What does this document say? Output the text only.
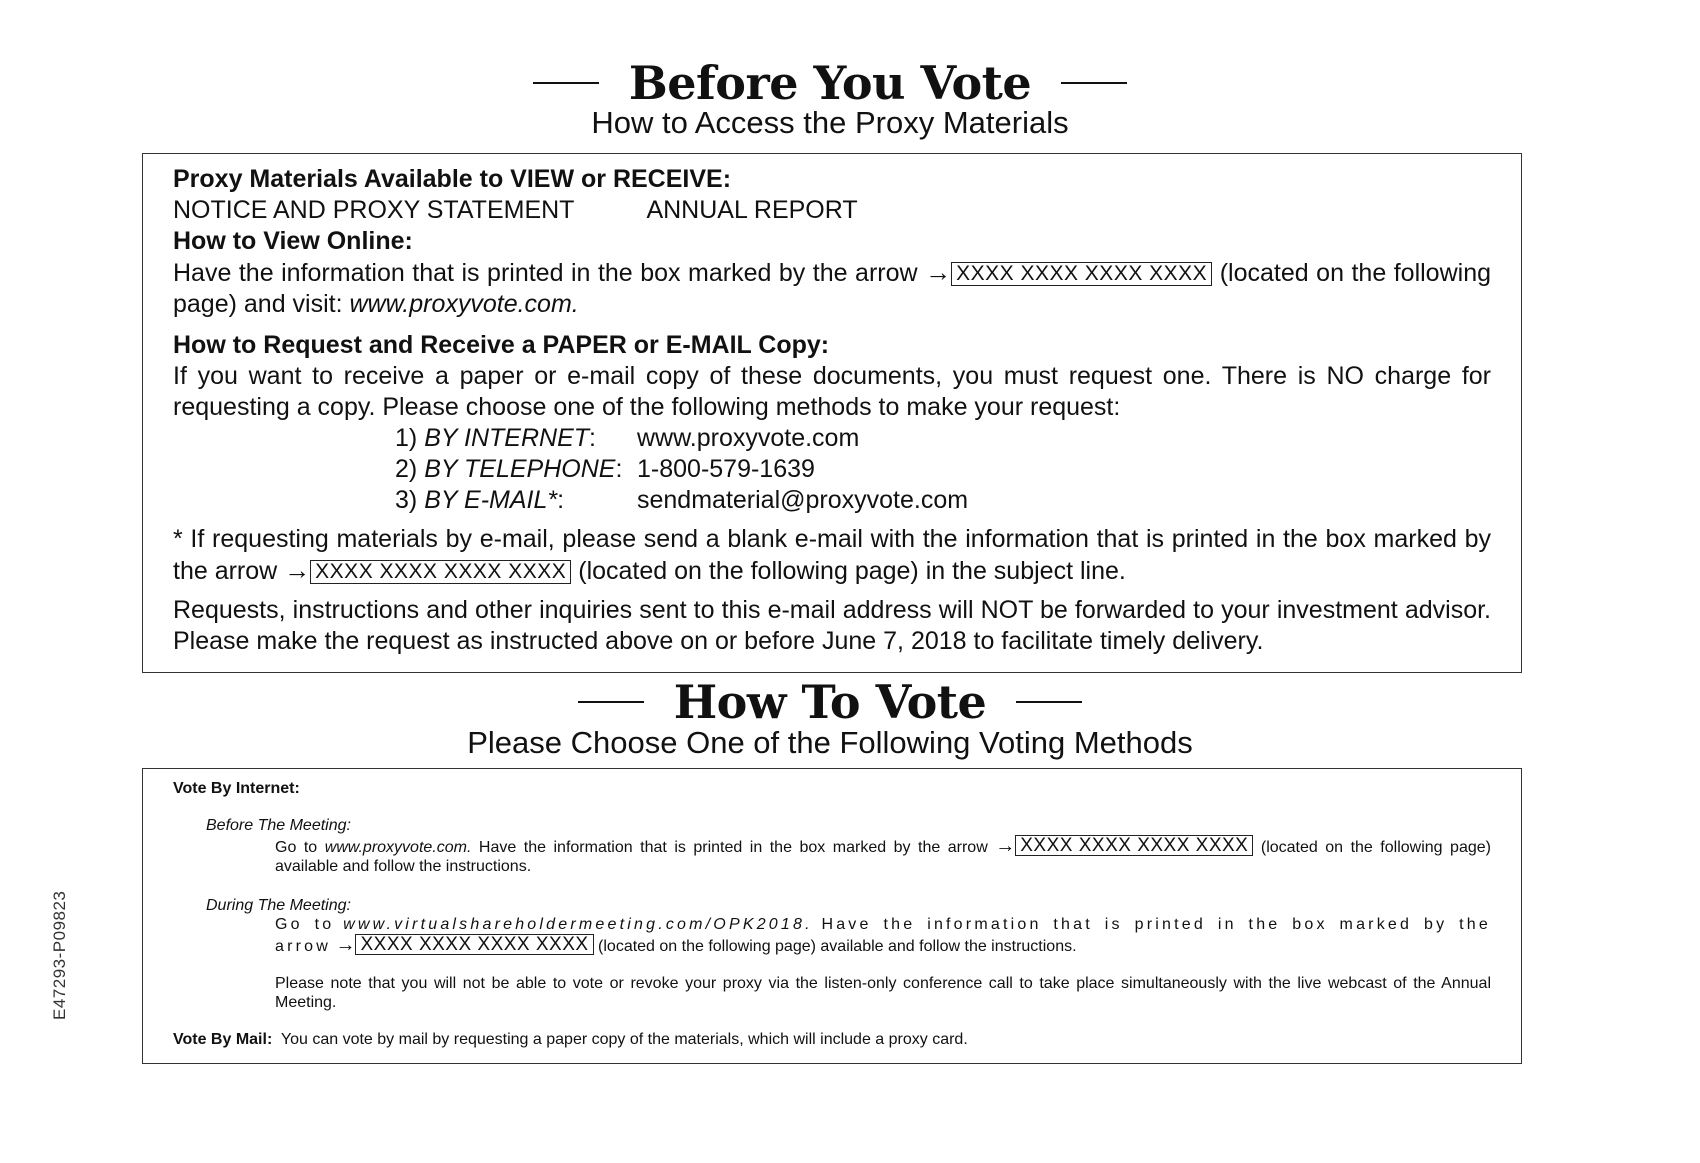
Before You Vote
How to Access the Proxy Materials

Proxy Materials Available to VIEW or RECEIVE:

NOTICE AND PROXY STATEMENT	ANNUAL REPORT

How to View Online:

Have the information that is printed in the box marked by the arrow → XXXX XXXX XXXX XXXX (located on the following page) and visit: www.proxyvote.com.

How to Request and Receive a PAPER or E-MAIL Copy:

If you want to receive a paper or e-mail copy of these documents, you must request one. There is NO charge for requesting a copy. Please choose one of the following methods to make your request:

1) BY INTERNET:	www.proxyvote.com
2) BY TELEPHONE: 1-800-579-1639
3) BY E-MAIL*:	sendmaterial@proxyvote.com

* If requesting materials by e-mail, please send a blank e-mail with the information that is printed in the box marked by the arrow → XXXX XXXX XXXX XXXX (located on the following page) in the subject line.

Requests, instructions and other inquiries sent to this e-mail address will NOT be forwarded to your investment advisor. Please make the request as instructed above on or before June 7, 2018 to facilitate timely delivery.

How To Vote
Please Choose One of the Following Voting Methods

Vote By Internet:

Before The Meeting:

Go to www.proxyvote.com. Have the information that is printed in the box marked by the arrow → XXXX XXXX XXXX XXXX (located on the following page) available and follow the instructions.

During The Meeting:

Go to www.virtualshareholdermeeting.com/OPK2018. Have the information that is printed in the box marked by the arrow → XXXX XXXX XXXX XXXX (located on the following page) available and follow the instructions.

Please note that you will not be able to vote or revoke your proxy via the listen-only conference call to take place simultaneously with the live webcast of the Annual Meeting.

Vote By Mail: You can vote by mail by requesting a paper copy of the materials, which will include a proxy card.

E47293-P09823
